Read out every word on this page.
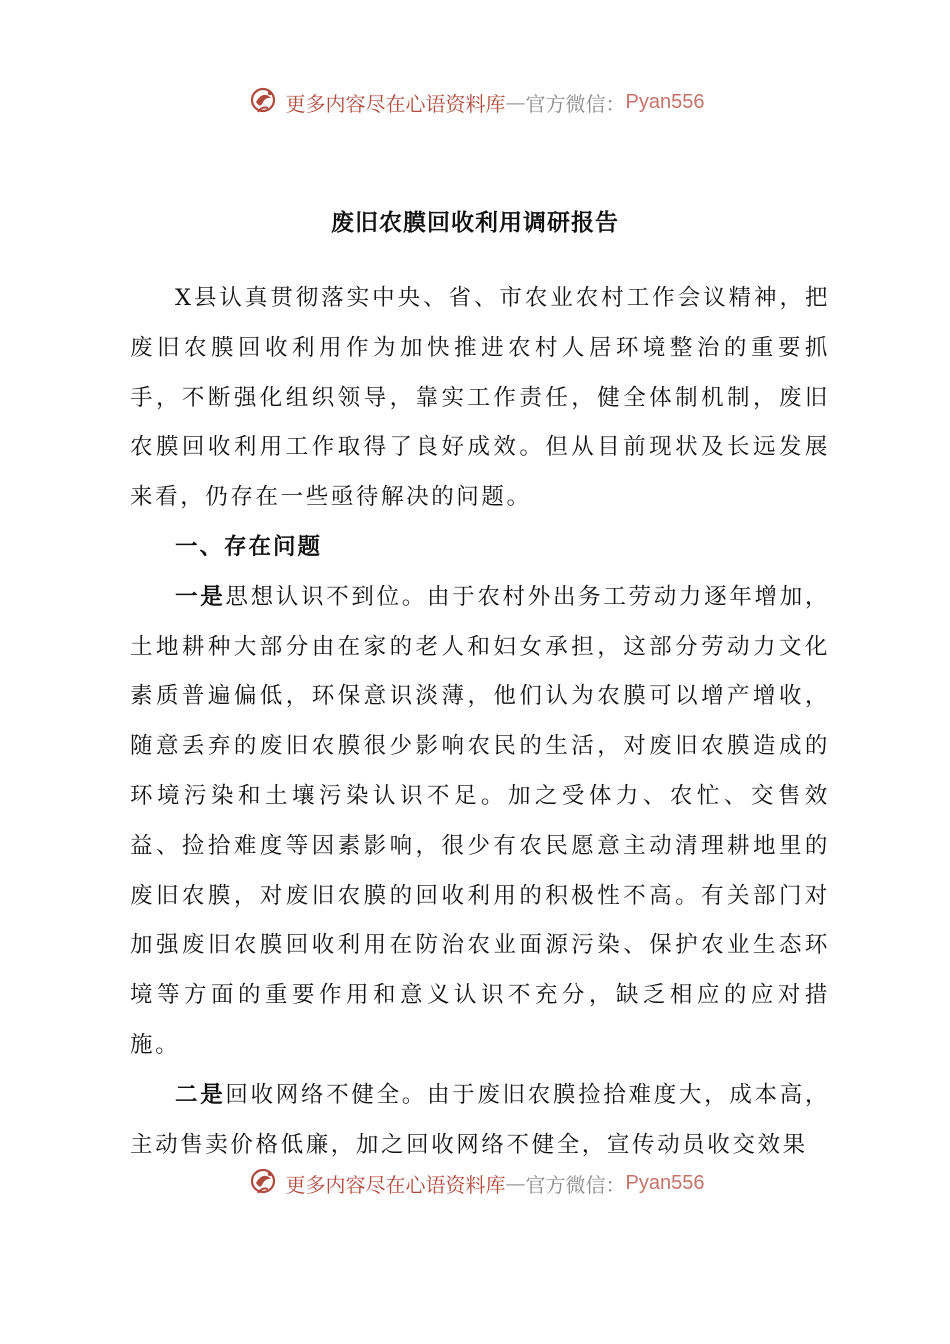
更多内容尽在心语资料库 — 官方微信： Pyan556
废旧农膜回收利用调研报告

X县认真贯彻落实中央、省、市农业农村工作会议精神，把废旧农膜回收利用作为加快推进农村人居环境整治的重要抓手，不断强化组织领导，靠实工作责任，健全体制机制，废旧农膜回收利用工作取得了良好成效。但从目前现状及长远发展来看，仍存在一些亟待解决的问题。

一、存在问题

一是思想认识不到位。由于农村外出务工劳动力逐年增加，土地耕种大部分由在家的老人和妇女承担，这部分劳动力文化素质普遍偏低，环保意识淡薄，他们认为农膜可以增产增收，随意丢弃的废旧农膜很少影响农民的生活，对废旧农膜造成的环境污染和土壤污染认识不足。加之受体力、农忙、交售效益、捡拾难度等因素影响，很少有农民愿意主动清理耕地里的废旧农膜，对废旧农膜的回收利用的积极性不高。有关部门对加强废旧农膜回收利用在防治农业面源污染、保护农业生态环境等方面的重要作用和意义认识不充分，缺乏相应的应对措施。

二是回收网络不健全。由于废旧农膜捡拾难度大，成本高，主动售卖价格低廉，加之回收网络不健全，宣传动员收交效果

更多内容尽在心语资料库 — 官方微信： Pyan556
